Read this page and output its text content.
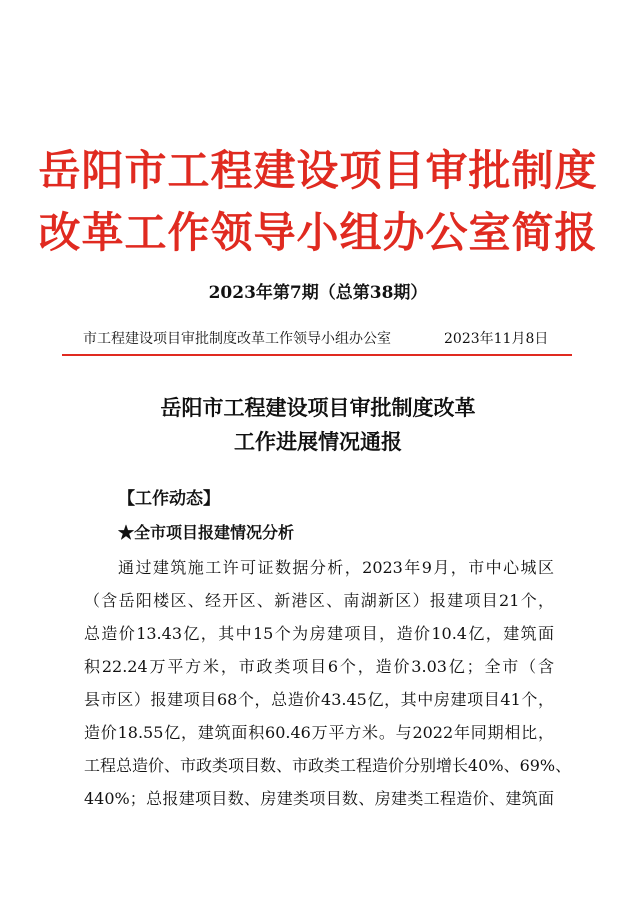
岳阳市工程建设项目审批制度
改革工作领导小组办公室简报
2023年第7期（总第38期）
市工程建设项目审批制度改革工作领导小组办公室	2023年11月8日
岳阳市工程建设项目审批制度改革
工作进展情况通报
【工作动态】
★全市项目报建情况分析
通过建筑施工许可证数据分析，2023年9月，市中心城区
（含岳阳楼区、经开区、新港区、南湖新区）报建项目21个，
总造价13.43亿，其中15个为房建项目，造价10.4亿，建筑面
积22.24万平方米，市政类项目6个，造价3.03亿；全市（含
县市区）报建项目68个，总造价43.45亿，其中房建项目41个，
造价18.55亿，建筑面积60.46万平方米。与2022年同期相比，
工程总造价、市政类项目数、市政类工程造价分别增长40%、69%、
440%；总报建项目数、房建类项目数、房建类工程造价、建筑面
